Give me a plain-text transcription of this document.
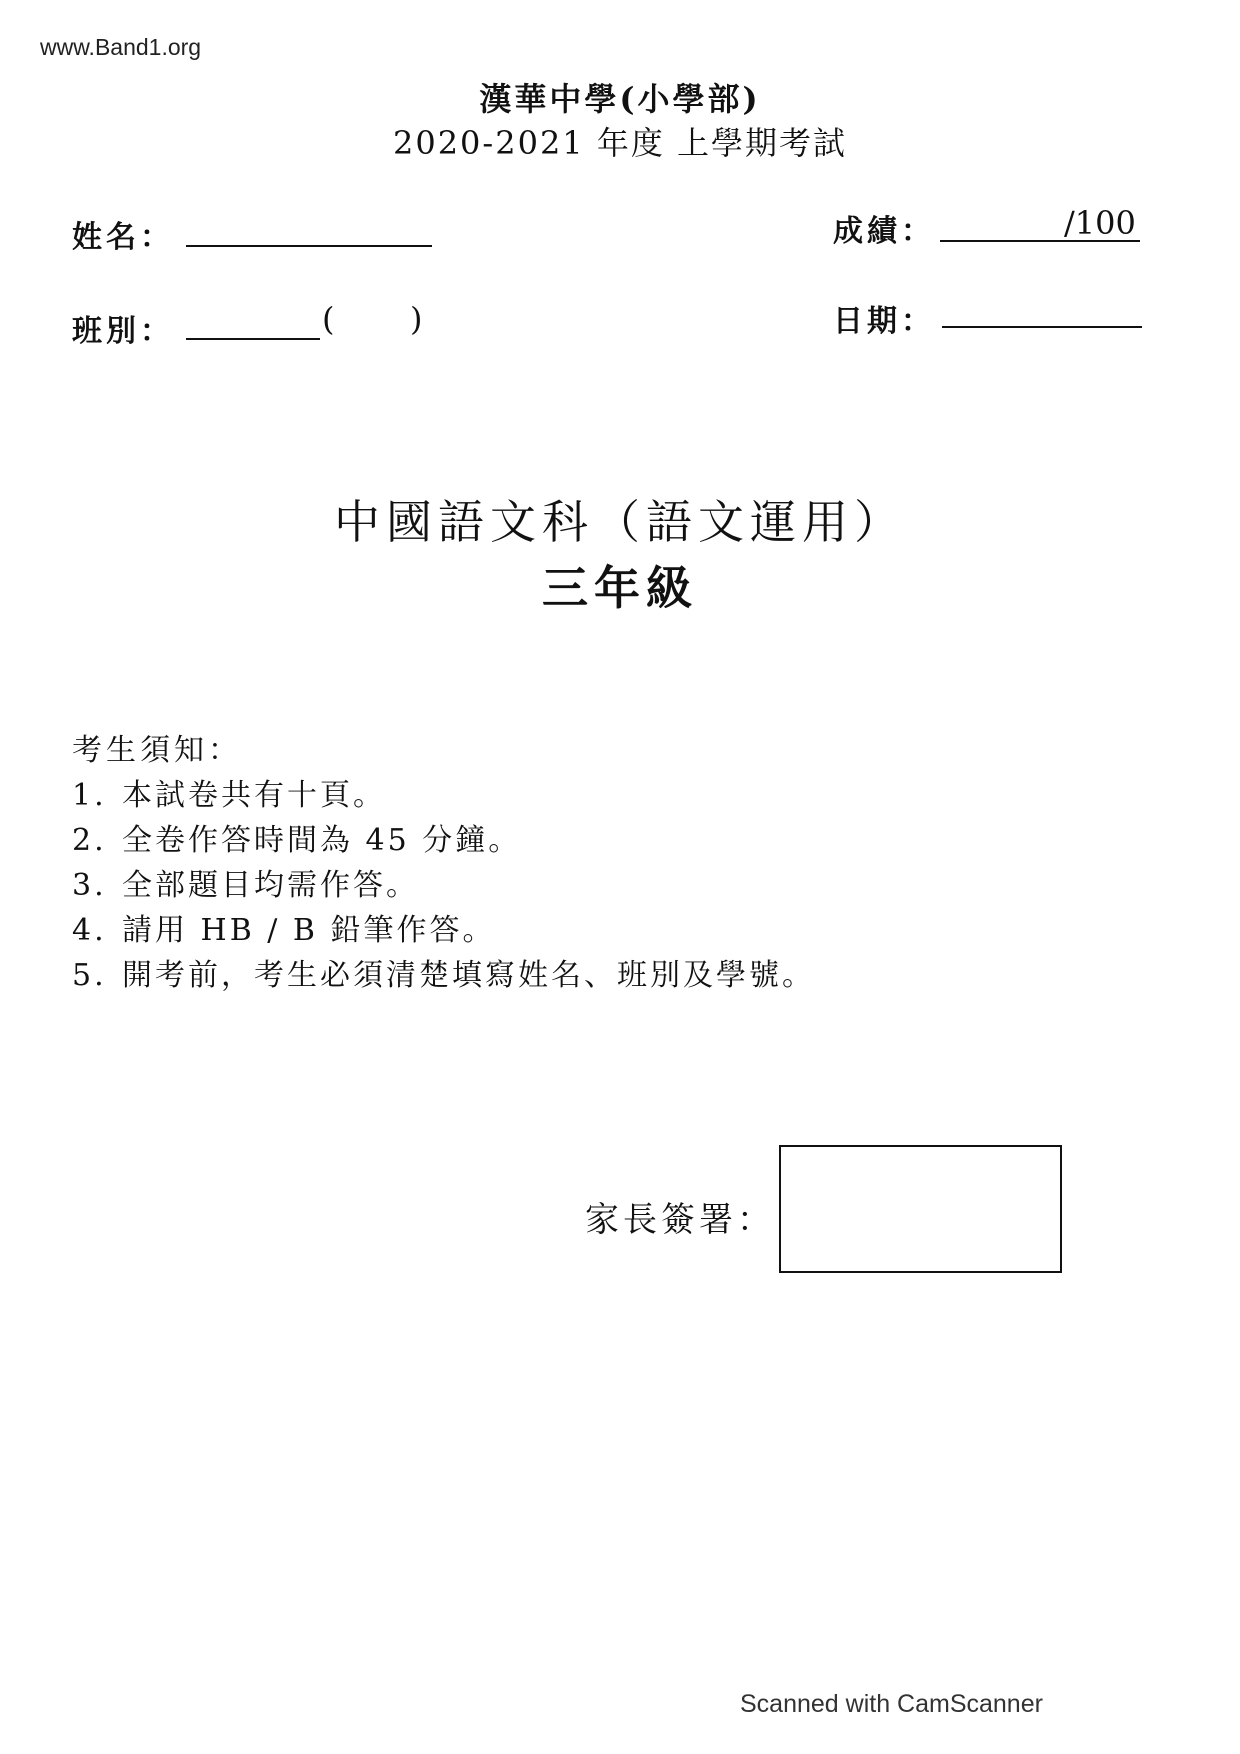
www.Band1.org
漢華中學(小學部)
2020-2021 年度 上學期考試
姓名：	成績：	/100
班別：	( )	日期：
中國語文科（語文運用）
三年級
考生須知：
1. 本試卷共有十頁。
2. 全卷作答時間為 45 分鐘。
3. 全部題目均需作答。
4. 請用 HB / B 鉛筆作答。
5. 開考前，考生必須清楚填寫姓名、班別及學號。
家長簽署：
Scanned with CamScanner
